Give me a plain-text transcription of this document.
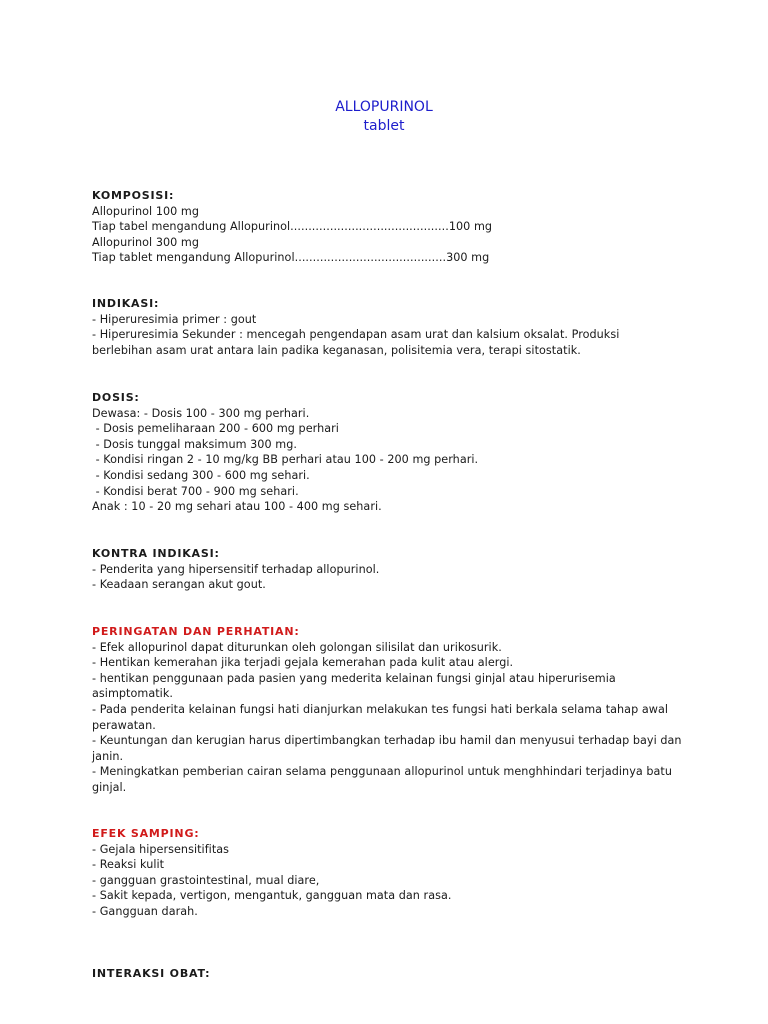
ALLOPURINOL
tablet

KOMPOSISI:

Allopurinol 100 mg

Tiap tabel mengandung Allopurinol............................................100 mg

Allopurinol 300 mg

Tiap tablet mengandung Allopurinol..........................................300 mg

INDIKASI:

- Hiperuresimia primer : gout

- Hiperuresimia Sekunder : mencegah pengendapan asam urat dan kalsium oksalat. Produksi berlebihan asam urat antara lain padika keganasan, polisitemia vera, terapi sitostatik.

DOSIS:

Dewasa: - Dosis 100 - 300 mg perhari.

- Dosis pemeliharaan 200 - 600 mg perhari

- Dosis tunggal maksimum 300 mg.

- Kondisi ringan 2 - 10 mg/kg BB perhari atau 100 - 200 mg perhari.

- Kondisi sedang 300 - 600 mg sehari.

- Kondisi berat 700 - 900 mg sehari.

Anak : 10 - 20 mg sehari atau 100 - 400 mg sehari.

KONTRA INDIKASI:

- Penderita yang hipersensitif terhadap allopurinol.

- Keadaan serangan akut gout.

PERINGATAN DAN PERHATIAN:

- Efek allopurinol dapat diturunkan oleh golongan silisilat dan urikosurik.

- Hentikan kemerahan jika terjadi gejala kemerahan pada kulit atau alergi.

- hentikan penggunaan pada pasien yang mederita kelainan fungsi ginjal atau hiperurisemia asimptomatik.

- Pada penderita kelainan fungsi hati dianjurkan melakukan tes fungsi hati berkala selama tahap awal perawatan.

- Keuntungan dan kerugian harus dipertimbangkan terhadap ibu hamil dan menyusui terhadap bayi dan janin.

- Meningkatkan pemberian cairan selama penggunaan allopurinol untuk menghhindari terjadinya batu ginjal.

EFEK SAMPING:

- Gejala hipersensitifitas

- Reaksi kulit

- gangguan grastointestinal, mual diare,

- Sakit kepada, vertigon, mengantuk, gangguan mata dan rasa.

- Gangguan darah.

INTERAKSI OBAT:
